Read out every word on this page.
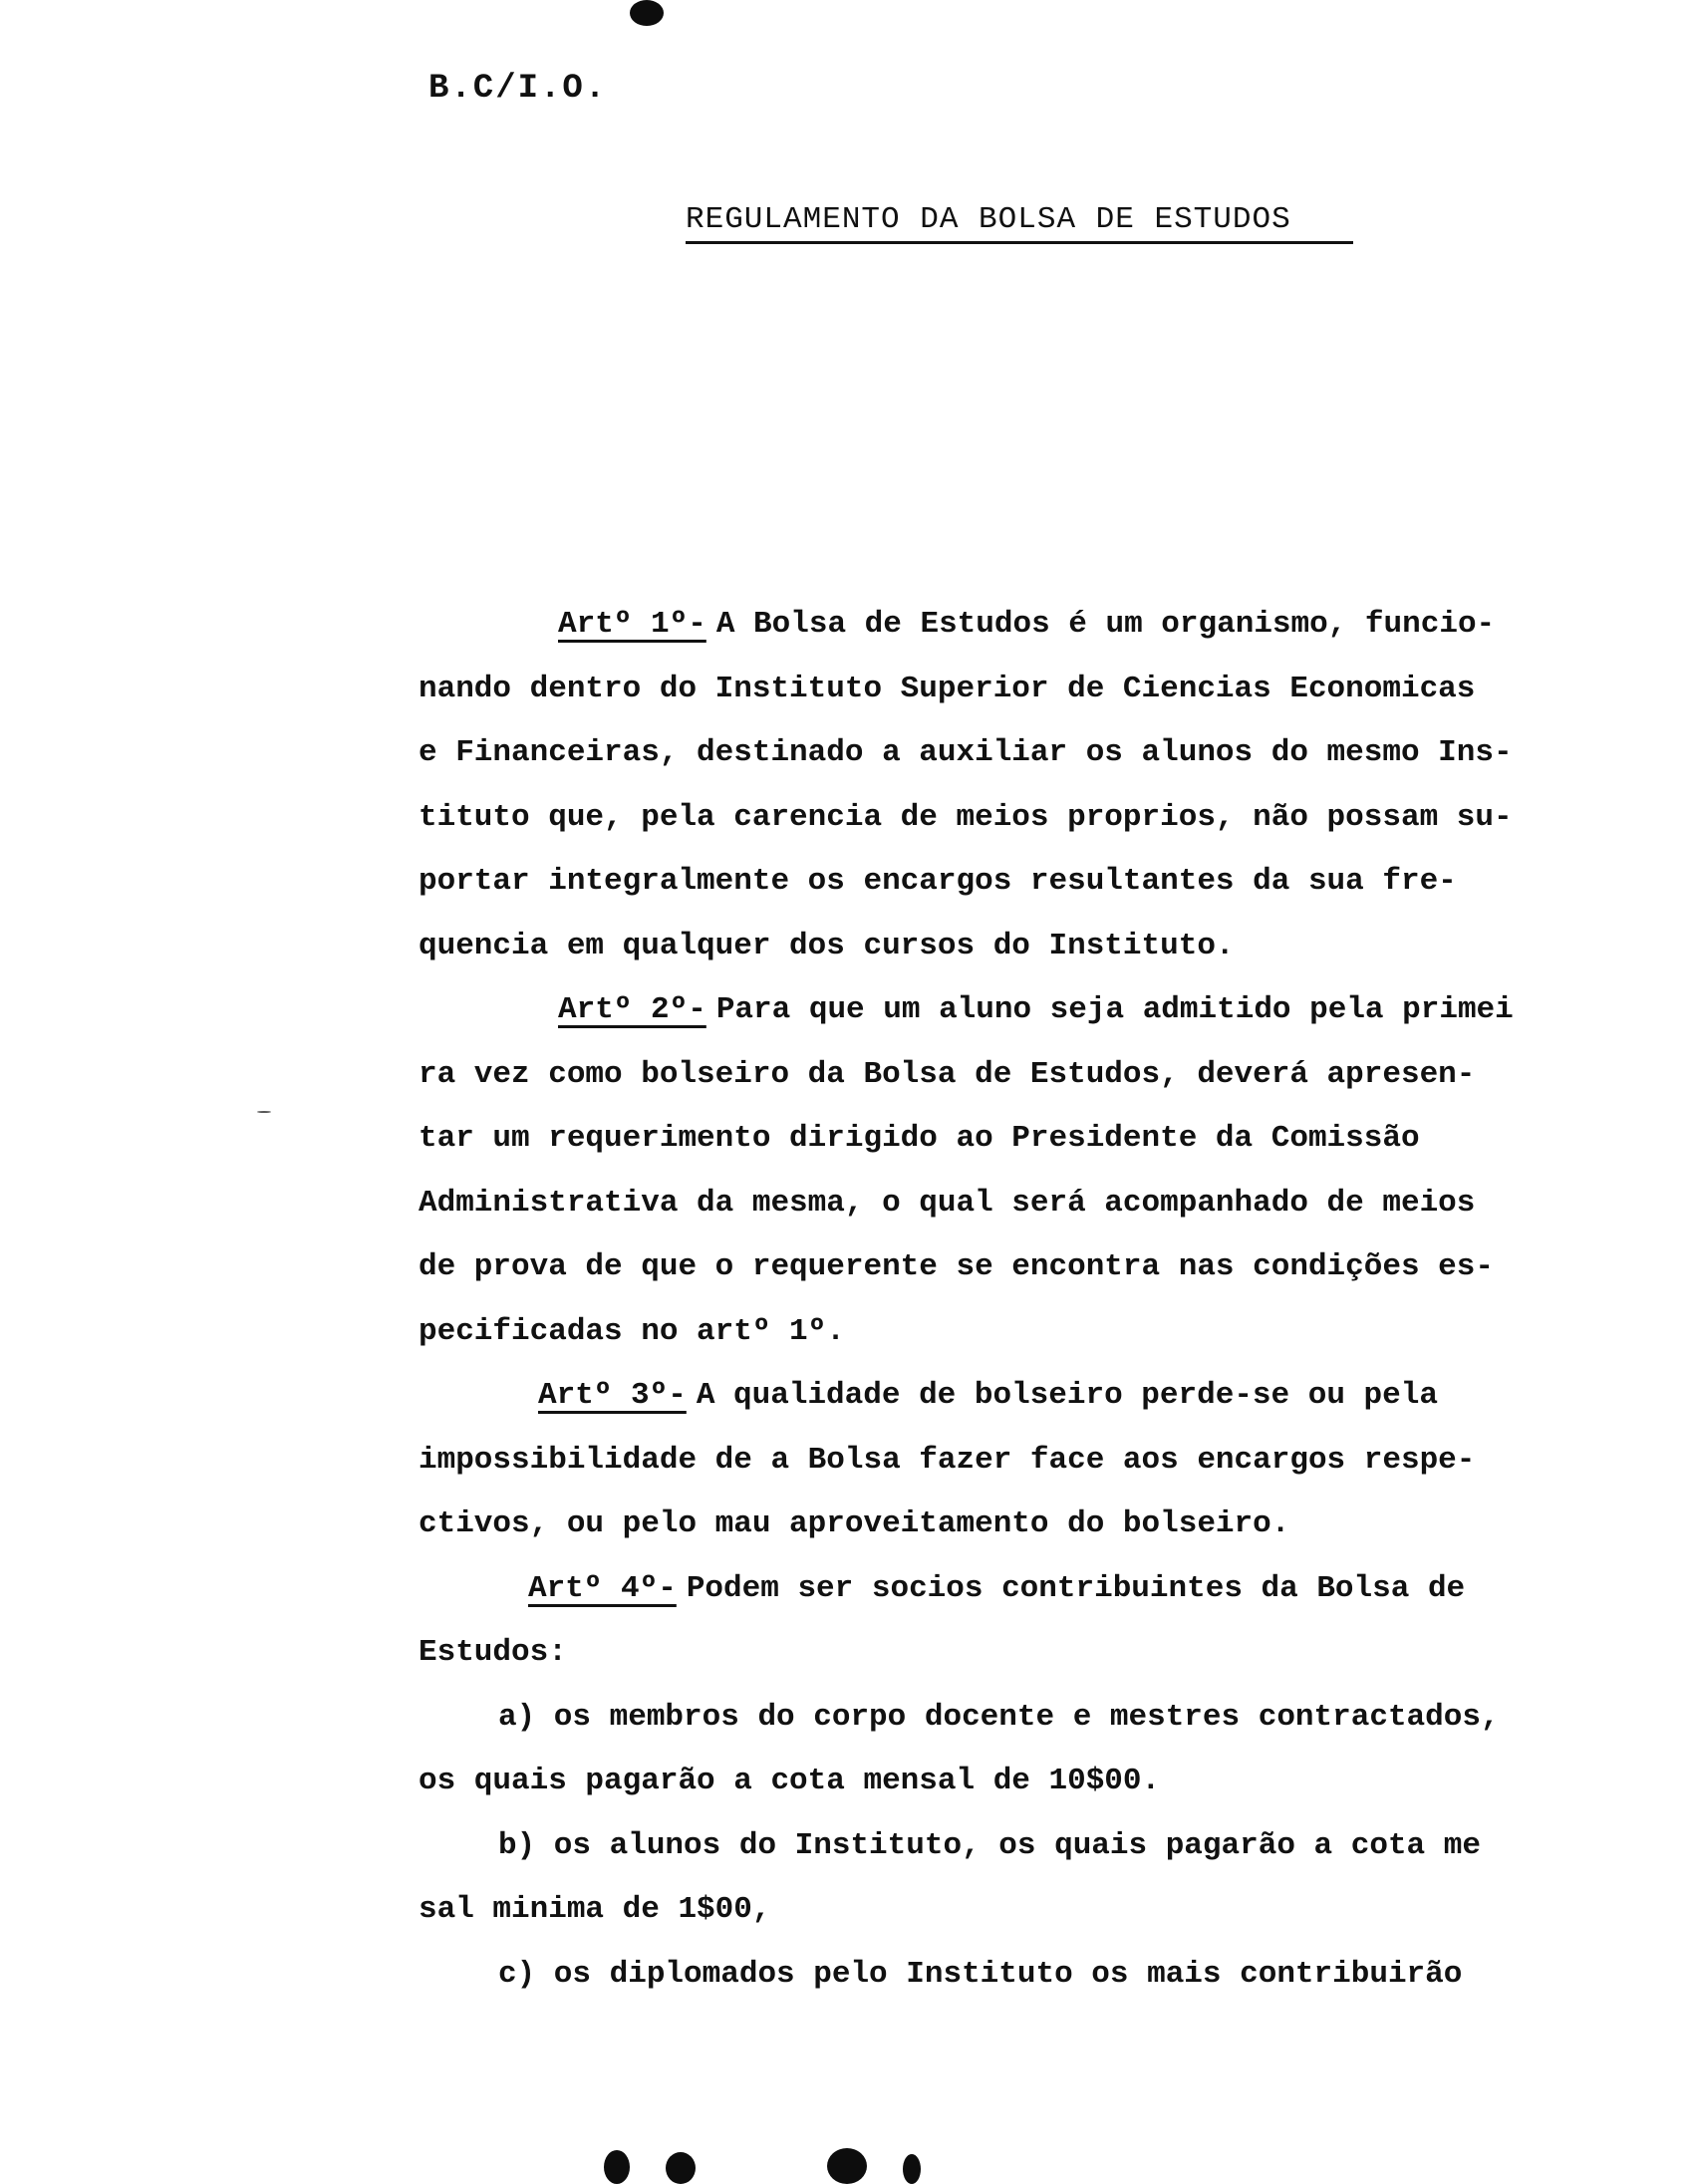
B.C/I.O.
REGULAMENTO DA BOLSA DE ESTUDOS
Artº 1º- A Bolsa de Estudos é um organismo, funcio-
nando dentro do Instituto Superior de Ciencias Economicas
e Financeiras, destinado a auxiliar os alunos do mesmo Ins-
tituto que, pela carencia de meios proprios, não possam su-
portar integralmente os encargos resultantes da sua fre-
quencia em qualquer dos cursos do Instituto.
Artº 2º- Para que um aluno seja admitido pela primei
ra vez como bolseiro da Bolsa de Estudos, deverá apresen-
tar um requerimento dirigido ao Presidente da Comissão
Administrativa da mesma, o qual será acompanhado de meios
de prova de que o requerente se encontra nas condições es-
pecificadas no artº 1º.
Artº 3º- A qualidade de bolseiro perde-se ou pela
impossibilidade de a Bolsa fazer face aos encargos respe-
ctivos, ou pelo mau aproveitamento do bolseiro.
Artº 4º- Podem ser socios contribuintes da Bolsa de
Estudos:
a) os membros do corpo docente e mestres contractados,
os quais pagarão a cota mensal de 10$00.
b) os alunos do Instituto, os quais pagarão a cota me
sal minima de 1$00,
c) os diplomados pelo Instituto os mais contribuirão
